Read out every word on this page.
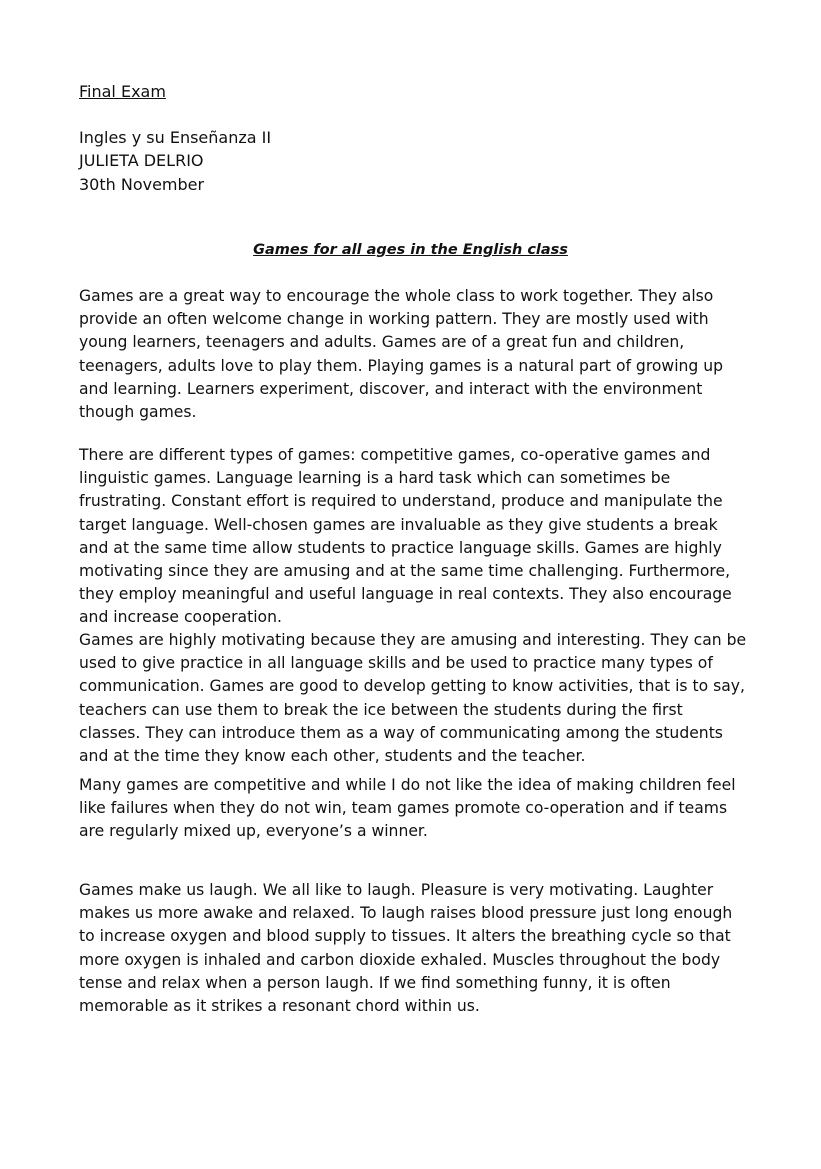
Final Exam
Ingles y su Enseñanza II
JULIETA DELRIO
30th November
Games for all ages in the English class

Games are a great way to encourage the whole class to work together. They also provide an often welcome change in working pattern. They are mostly used with young learners, teenagers and adults. Games are of a great fun and children, teenagers, adults love to play them. Playing games is a natural part of growing up and learning. Learners experiment, discover, and interact with the environment though games.

There are different types of games: competitive games, co-operative games and linguistic games. Language learning is a hard task which can sometimes be frustrating. Constant effort is required to understand, produce and manipulate the target language. Well-chosen games are invaluable as they give students a break and at the same time allow students to practice language skills. Games are highly motivating since they are amusing and at the same time challenging. Furthermore, they employ meaningful and useful language in real contexts. They also encourage and increase cooperation.

Games are highly motivating because they are amusing and interesting. They can be used to give practice in all language skills and be used to practice many types of communication. Games are good to develop getting to know activities, that is to say, teachers can use them to break the ice between the students during the first classes. They can introduce them as a way of communicating among the students and at the time they know each other, students and the teacher.

Many games are competitive and while I do not like the idea of making children feel like failures when they do not win, team games promote co-operation and if teams are regularly mixed up, everyone’s a winner.

Games make us laugh. We all like to laugh. Pleasure is very motivating. Laughter makes us more awake and relaxed. To laugh raises blood pressure just long enough to increase oxygen and blood supply to tissues. It alters the breathing cycle so that more oxygen is inhaled and carbon dioxide exhaled. Muscles throughout the body tense and relax when a person laugh. If we find something funny, it is often memorable as it strikes a resonant chord within us.
